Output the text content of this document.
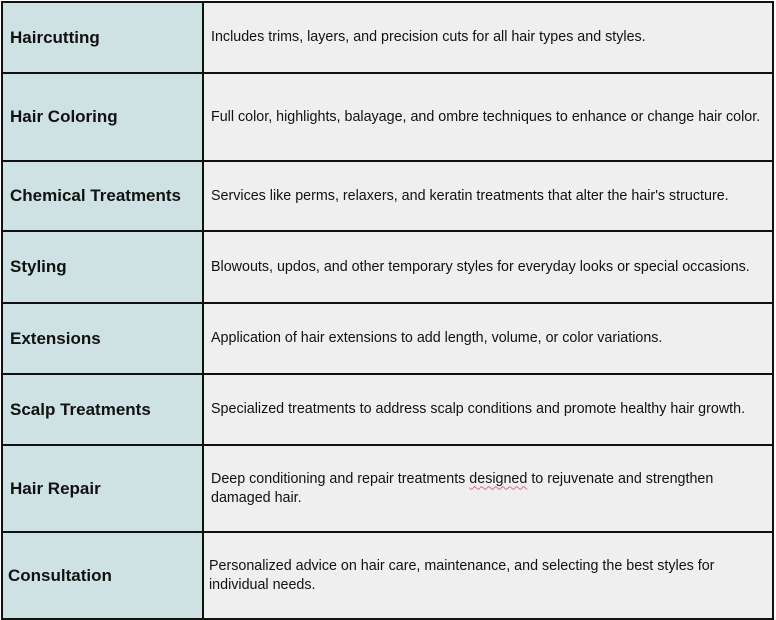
Haircutting	Includes trims, layers, and precision cuts for all hair types and styles.
Hair Coloring	Full color, highlights, balayage, and ombre techniques to enhance or change hair color.
Chemical Treatments	Services like perms, relaxers, and keratin treatments that alter the hair's structure.
Styling	Blowouts, updos, and other temporary styles for everyday looks or special occasions.
Extensions	Application of hair extensions to add length, volume, or color variations.
Scalp Treatments	Specialized treatments to address scalp conditions and promote healthy hair growth.
Hair Repair	Deep conditioning and repair treatments designed to rejuvenate and strengthen damaged hair.
Consultation	Personalized advice on hair care, maintenance, and selecting the best styles for individual needs.
